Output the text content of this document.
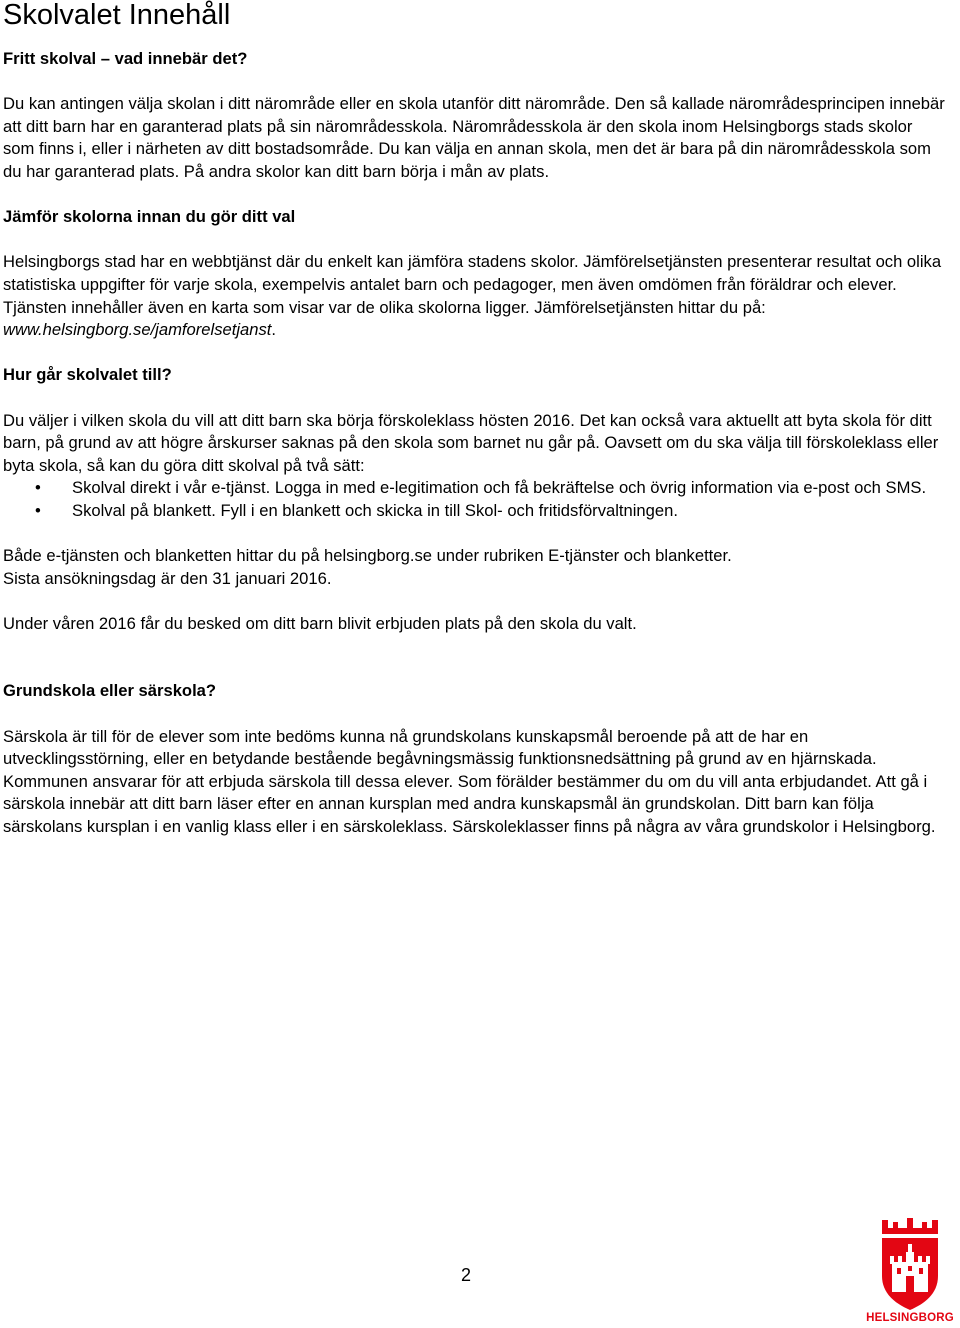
Skolvalet Innehåll

Fritt skolval – vad innebär det?

Du kan antingen välja skolan i ditt närområde eller en skola utanför ditt närområde. Den så kallade närområdesprincipen innebär att ditt barn har en garanterad plats på sin närområdesskola. Närområdesskola är den skola inom Helsingborgs stads skolor som finns i, eller i närheten av ditt bostadsområde. Du kan välja en annan skola, men det är bara på din närområdesskola som du har garanterad plats. På andra skolor kan ditt barn börja i mån av plats.

Jämför skolorna innan du gör ditt val

Helsingborgs stad har en webbtjänst där du enkelt kan jämföra stadens skolor. Jämförelsetjänsten presenterar resultat och olika statistiska uppgifter för varje skola, exempelvis antalet barn och pedagoger, men även omdömen från föräldrar och elever. Tjänsten innehåller även en karta som visar var de olika skolorna ligger. Jämförelsetjänsten hittar du på: www.helsingborg.se/jamforelsetjanst.

Hur går skolvalet till?

Du väljer i vilken skola du vill att ditt barn ska börja förskoleklass hösten 2016. Det kan också vara aktuellt att byta skola för ditt barn, på grund av att högre årskurser saknas på den skola som barnet nu går på. Oavsett om du ska välja till förskoleklass eller byta skola, så kan du göra ditt skolval på två sätt:

• Skolval direkt i vår e-tjänst. Logga in med e-legitimation och få bekräftelse och övrig information via e-post och SMS.
• Skolval på blankett. Fyll i en blankett och skicka in till Skol- och fritidsförvaltningen.

Både e-tjänsten och blanketten hittar du på helsingborg.se under rubriken E-tjänster och blanketter.

Sista ansökningsdag är den 31 januari 2016.

Under våren 2016 får du besked om ditt barn blivit erbjuden plats på den skola du valt.

Grundskola eller särskola?

Särskola är till för de elever som inte bedöms kunna nå grundskolans kunskapsmål beroende på att de har en utvecklingsstörning, eller en betydande bestående begåvningsmässig funktionsnedsättning på grund av en hjärnskada. Kommunen ansvarar för att erbjuda särskola till dessa elever. Som förälder bestämmer du om du vill anta erbjudandet. Att gå i särskola innebär att ditt barn läser efter en annan kursplan med andra kunskapsmål än grundskolan. Ditt barn kan följa särskolans kursplan i en vanlig klass eller i en särskoleklass. Särskoleklasser finns på några av våra grundskolor i Helsingborg.

2
HELSINGBORG
